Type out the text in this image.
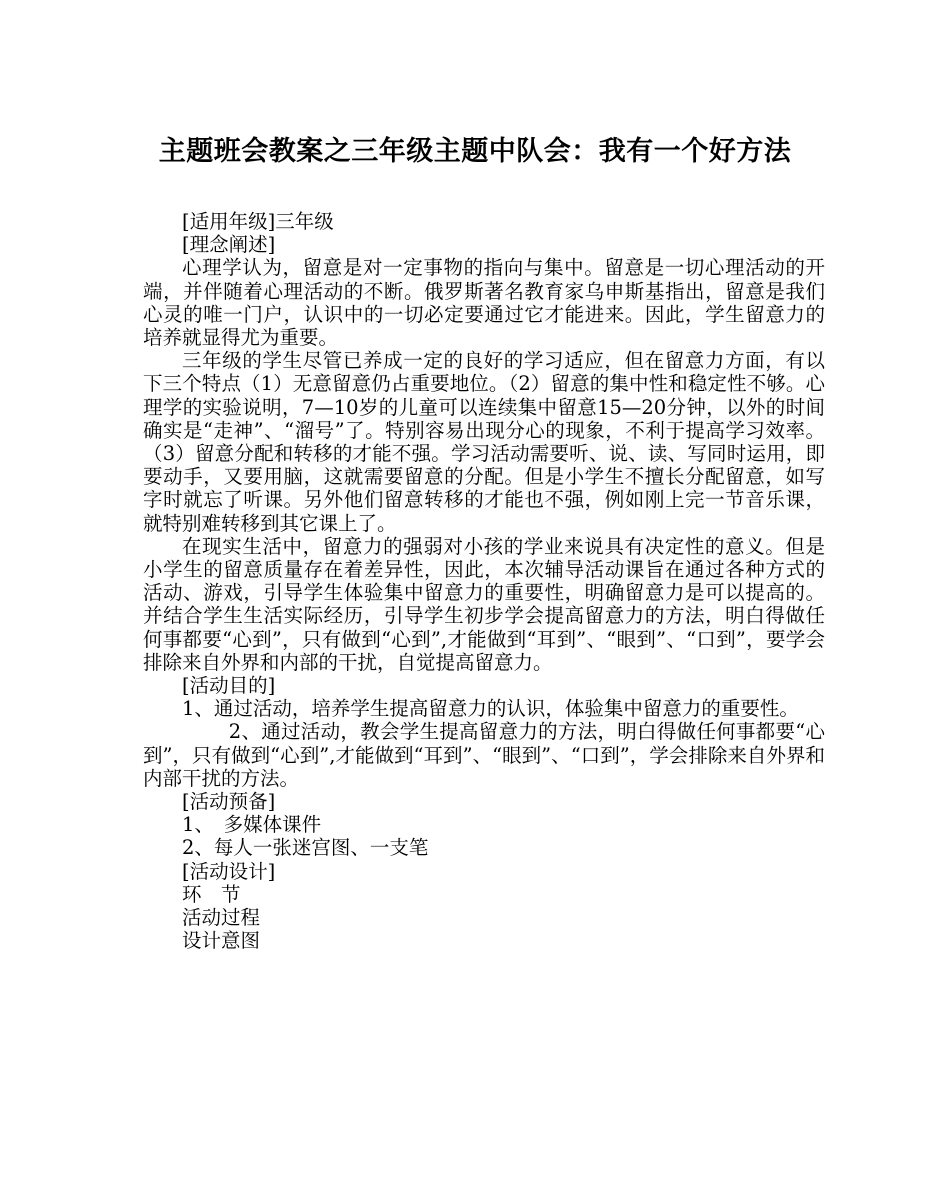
主题班会教案之三年级主题中队会：我有一个好方法

[适用年级]三年级

[理念阐述]

心理学认为，留意是对一定事物的指向与集中。留意是一切心理活动的开端，并伴随着心理活动的不断。俄罗斯著名教育家乌申斯基指出，留意是我们心灵的唯一门户，认识中的一切必定要通过它才能进来。因此，学生留意力的培养就显得尤为重要。

三年级的学生尽管已养成一定的良好的学习适应，但在留意力方面，有以下三个特点（1）无意留意仍占重要地位。（2）留意的集中性和稳定性不够。心理学的实验说明，7—10岁的儿童可以连续集中留意15—20分钟，以外的时间确实是“走神”、“溜号”了。特别容易出现分心的现象，不利于提高学习效率。（3）留意分配和转移的才能不强。学习活动需要听、说、读、写同时运用，即要动手，又要用脑，这就需要留意的分配。但是小学生不擅长分配留意，如写字时就忘了听课。另外他们留意转移的才能也不强，例如刚上完一节音乐课，就特别难转移到其它课上了。

在现实生活中，留意力的强弱对小孩的学业来说具有决定性的意义。但是小学生的留意质量存在着差异性，因此，本次辅导活动课旨在通过各种方式的活动、游戏，引导学生体验集中留意力的重要性，明确留意力是可以提高的。并结合学生生活实际经历，引导学生初步学会提高留意力的方法，明白得做任何事都要“心到”，只有做到“心到”,才能做到“耳到”、“眼到”、“口到”，要学会排除来自外界和内部的干扰，自觉提高留意力。

[活动目的]

1、通过活动，培养学生提高留意力的认识，体验集中留意力的重要性。

2、通过活动，教会学生提高留意力的方法，明白得做任何事都要“心到”，只有做到“心到”,才能做到“耳到”、“眼到”、“口到”，学会排除来自外界和内部干扰的方法。

[活动预备]

1、　多媒体课件

2、每人一张迷宫图、一支笔

[活动设计]

环　节

活动过程

设计意图
